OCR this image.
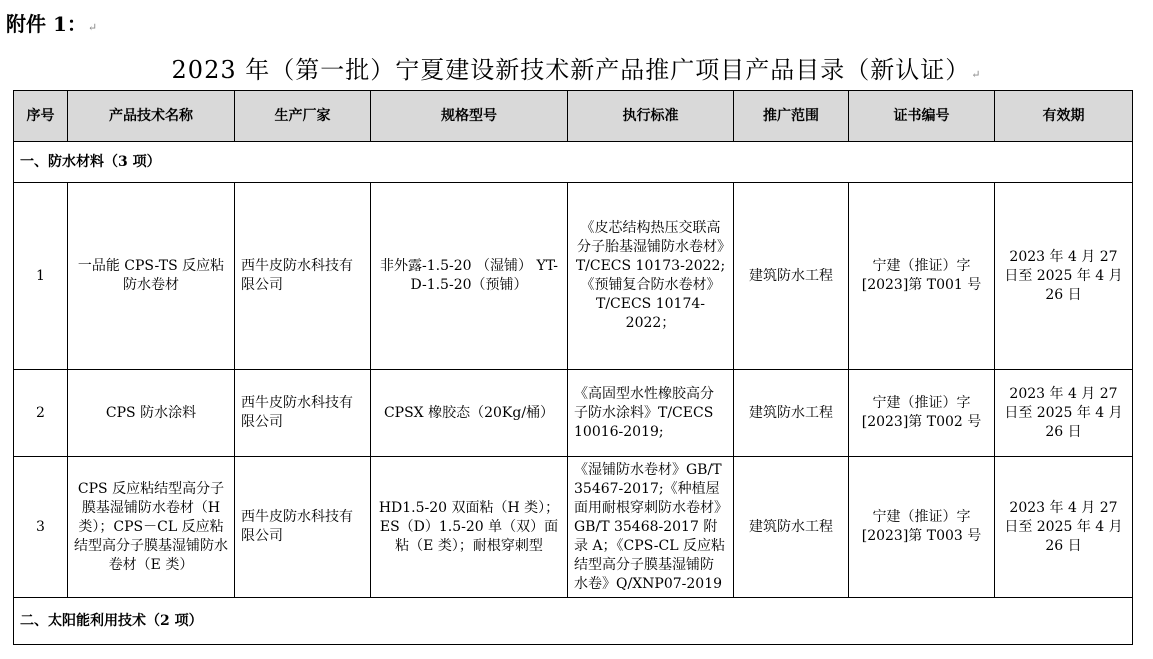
附件 1：↵
2023 年（第一批）宁夏建设新技术新产品推广项目产品目录（新认证）↵
序号	产品技术名称	生产厂家	规格型号	执行标准	推广范围	证书编号	有效期
一、防水材料（3 项）							
1	一品能 CPS-TS 反应粘防水卷材	西牛皮防水科技有限公司	非外露-1.5-20 （湿铺） YT-D-1.5-20（预铺）	《皮芯结构热压交联高分子胎基湿铺防水卷材》T/CECS 10173-2022;《预铺复合防水卷材》T/CECS 10174-2022；	建筑防水工程	宁建（推证）字[2023]第 T001 号	2023 年 4 月 27 日至 2025 年 4 月 26 日
2	CPS 防水涂料	西牛皮防水科技有限公司	CPSX 橡胶态（20Kg/桶）	《高固型水性橡胶高分子防水涂料》T/CECS 10016-2019;	建筑防水工程	宁建（推证）字[2023]第 T002 号	2023 年 4 月 27 日至 2025 年 4 月 26 日
3	CPS 反应粘结型高分子膜基湿铺防水卷材（H 类）；CPS－CL 反应粘结型高分子膜基湿铺防水卷材（E 类）	西牛皮防水科技有限公司	HD1.5-20 双面粘（H 类）；ES（D）1.5-20 单（双）面粘（E 类）；耐根穿刺型	《湿铺防水卷材》GB/T 35467-2017;《种植屋面用耐根穿刺防水卷材》GB/T 35468-2017 附录 A；《CPS-CL 反应粘结型高分子膜基湿铺防水卷》Q/XNP07-2019	建筑防水工程	宁建（推证）字[2023]第 T003 号	2023 年 4 月 27 日至 2025 年 4 月 26 日
二、太阳能利用技术（2 项）							
